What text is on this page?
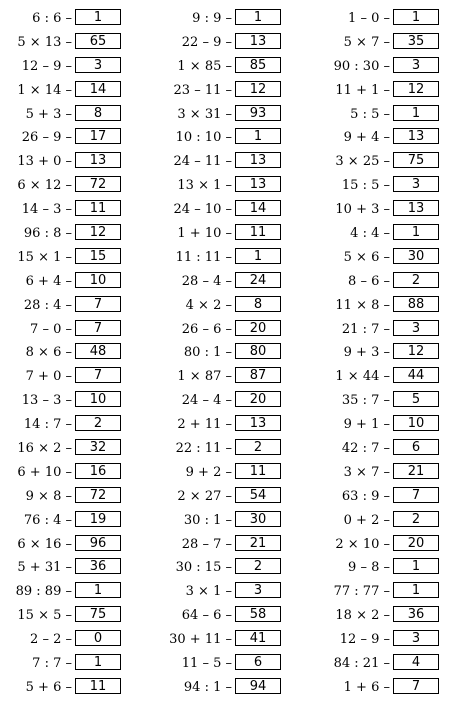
6 : 6 –	1
5 × 13 –	65
12 – 9 –	3
1 × 14 –	14
5 + 3 –	8
26 – 9 –	17
13 + 0 –	13
6 × 12 –	72
14 – 3 –	11
96 : 8 –	12
15 × 1 –	15
6 + 4 –	10
28 : 4 –	7
7 – 0 –	7
8 × 6 –	48
7 + 0 –	7
13 – 3 –	10
14 : 7 –	2
16 × 2 –	32
6 + 10 –	16
9 × 8 –	72
76 : 4 –	19
6 × 16 –	96
5 + 31 –	36
89 : 89 –	1
15 × 5 –	75
2 – 2 –	0
7 : 7 –	1
5 + 6 –	11
9 : 9 –	1
22 – 9 –	13
1 × 85 –	85
23 – 11 –	12
3 × 31 –	93
10 : 10 –	1
24 – 11 –	13
13 × 1 –	13
24 – 10 –	14
1 + 10 –	11
11 : 11 –	1
28 – 4 –	24
4 × 2 –	8
26 – 6 –	20
80 : 1 –	80
1 × 87 –	87
24 – 4 –	20
2 + 11 –	13
22 : 11 –	2
9 + 2 –	11
2 × 27 –	54
30 : 1 –	30
28 – 7 –	21
30 : 15 –	2
3 × 1 –	3
64 – 6 –	58
30 + 11 –	41
11 – 5 –	6
94 : 1 –	94
1 – 0 –	1
5 × 7 –	35
90 : 30 –	3
11 + 1 –	12
5 : 5 –	1
9 + 4 –	13
3 × 25 –	75
15 : 5 –	3
10 + 3 –	13
4 : 4 –	1
5 × 6 –	30
8 – 6 –	2
11 × 8 –	88
21 : 7 –	3
9 + 3 –	12
1 × 44 –	44
35 : 7 –	5
9 + 1 –	10
42 : 7 –	6
3 × 7 –	21
63 : 9 –	7
0 + 2 –	2
2 × 10 –	20
9 – 8 –	1
77 : 77 –	1
18 × 2 –	36
12 – 9 –	3
84 : 21 –	4
1 + 6 –	7
